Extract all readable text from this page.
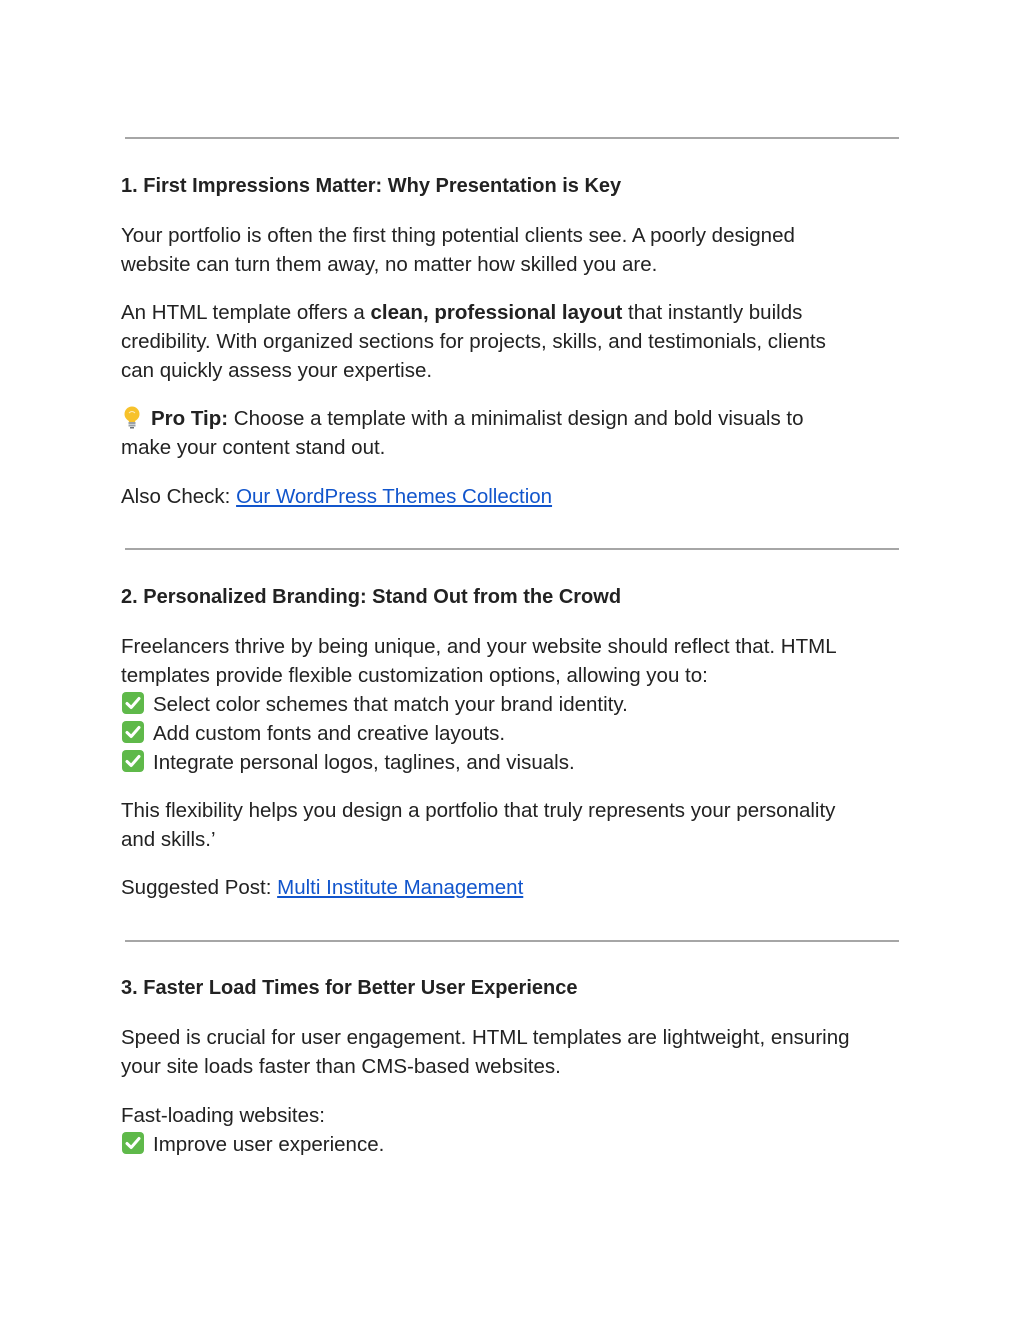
1. First Impressions Matter: Why Presentation is Key
Your portfolio is often the first thing potential clients see. A poorly designed
website can turn them away, no matter how skilled you are.
An HTML template offers a clean, professional layout that instantly builds
credibility. With organized sections for projects, skills, and testimonials, clients
can quickly assess your expertise.
Pro Tip: Choose a template with a minimalist design and bold visuals to
make your content stand out.
Also Check: Our WordPress Themes Collection
2. Personalized Branding: Stand Out from the Crowd
Freelancers thrive by being unique, and your website should reflect that. HTML
templates provide flexible customization options, allowing you to:
Select color schemes that match your brand identity.
Add custom fonts and creative layouts.
Integrate personal logos, taglines, and visuals.
This flexibility helps you design a portfolio that truly represents your personality
and skills.’
Suggested Post: Multi Institute Management
3. Faster Load Times for Better User Experience
Speed is crucial for user engagement. HTML templates are lightweight, ensuring
your site loads faster than CMS-based websites.
Fast-loading websites:
Improve user experience.
